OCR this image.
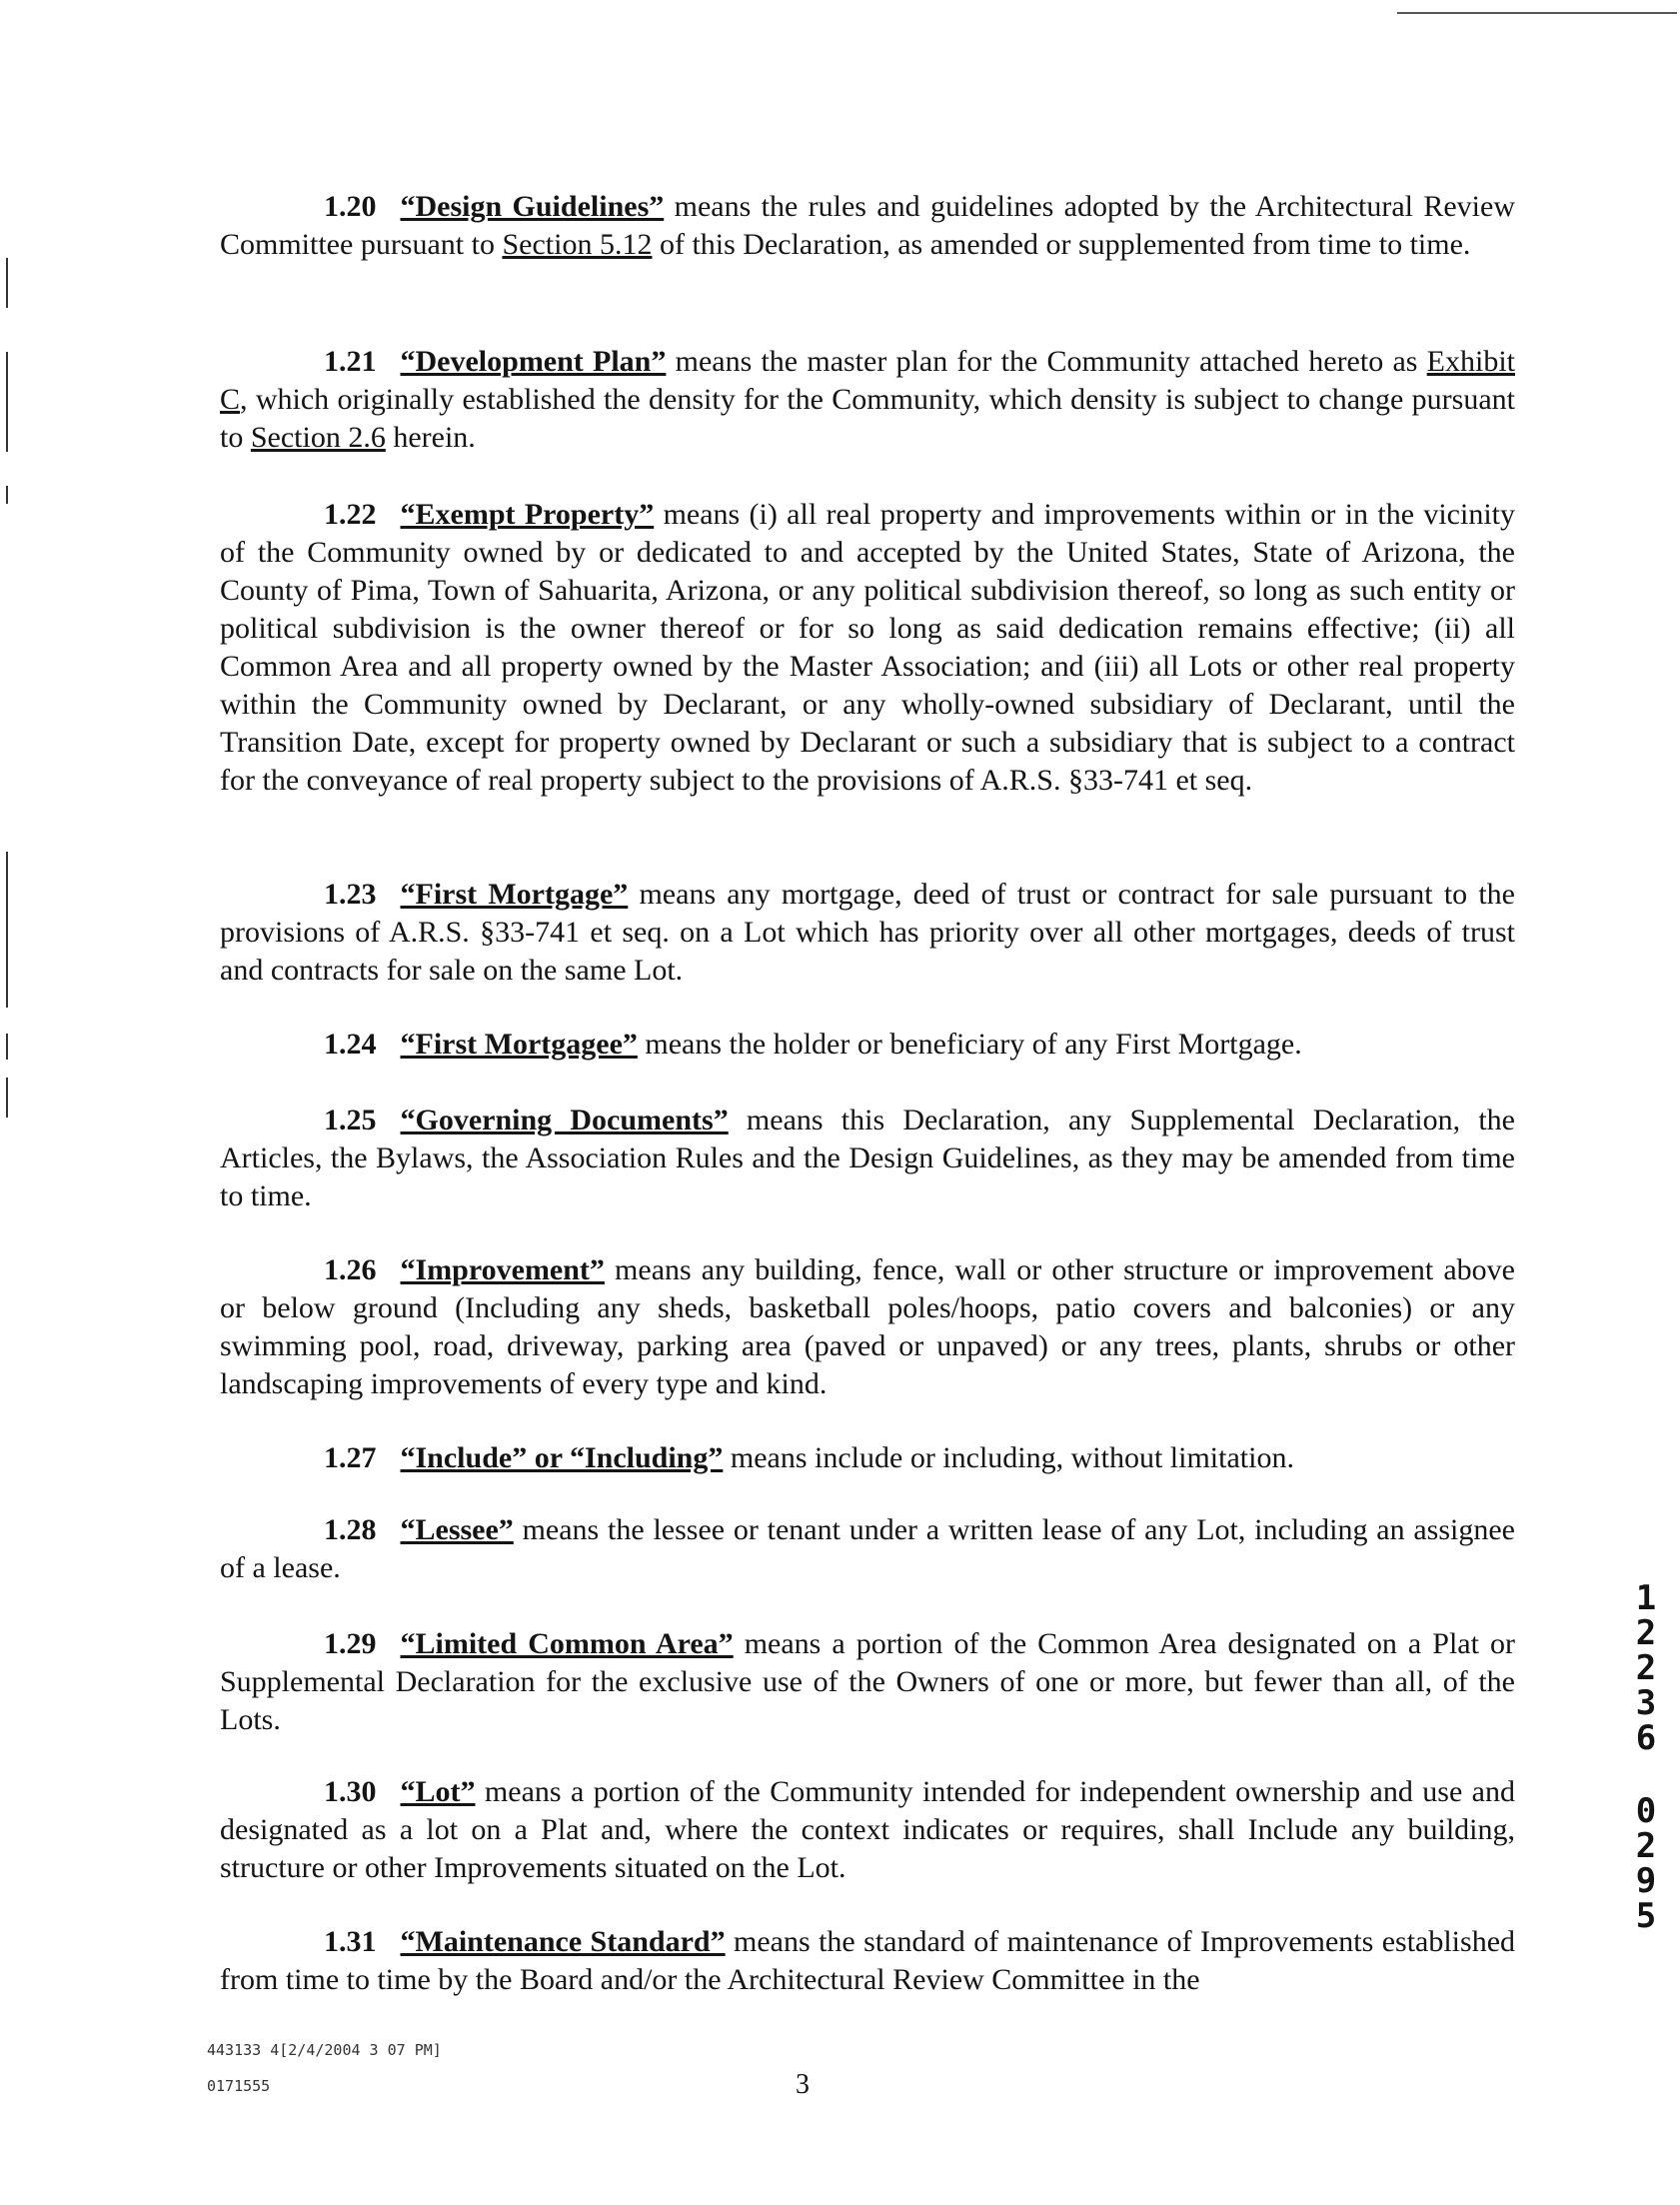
1.20 “Design Guidelines” means the rules and guidelines adopted by the Architectural Review Committee pursuant to Section 5.12 of this Declaration, as amended or supplemented from time to time.

1.21 “Development Plan” means the master plan for the Community attached hereto as Exhibit C, which originally established the density for the Community, which density is subject to change pursuant to Section 2.6 herein.

1.22 “Exempt Property” means (i) all real property and improvements within or in the vicinity of the Community owned by or dedicated to and accepted by the United States, State of Arizona, the County of Pima, Town of Sahuarita, Arizona, or any political subdivision thereof, so long as such entity or political subdivision is the owner thereof or for so long as said dedication remains effective; (ii) all Common Area and all property owned by the Master Association; and (iii) all Lots or other real property within the Community owned by Declarant, or any wholly-owned subsidiary of Declarant, until the Transition Date, except for property owned by Declarant or such a subsidiary that is subject to a contract for the conveyance of real property subject to the provisions of A.R.S. §33-741 et seq.

1.23 “First Mortgage” means any mortgage, deed of trust or contract for sale pursuant to the provisions of A.R.S. §33-741 et seq. on a Lot which has priority over all other mortgages, deeds of trust and contracts for sale on the same Lot.

1.24 “First Mortgagee” means the holder or beneficiary of any First Mortgage.

1.25 “Governing Documents” means this Declaration, any Supplemental Declaration, the Articles, the Bylaws, the Association Rules and the Design Guidelines, as they may be amended from time to time.

1.26 “Improvement” means any building, fence, wall or other structure or improvement above or below ground (Including any sheds, basketball poles/hoops, patio covers and balconies) or any swimming pool, road, driveway, parking area (paved or unpaved) or any trees, plants, shrubs or other landscaping improvements of every type and kind.

1.27 “Include” or “Including” means include or including, without limitation.

1.28 “Lessee” means the lessee or tenant under a written lease of any Lot, including an assignee of a lease.

1.29 “Limited Common Area” means a portion of the Common Area designated on a Plat or Supplemental Declaration for the exclusive use of the Owners of one or more, but fewer than all, of the Lots.

1.30 “Lot” means a portion of the Community intended for independent ownership and use and designated as a lot on a Plat and, where the context indicates or requires, shall Include any building, structure or other Improvements situated on the Lot.

1.31 “Maintenance Standard” means the standard of maintenance of Improvements established from time to time by the Board and/or the Architectural Review Committee in the

443133 4[2/4/2004 3 07 PM]
0171555	3
1
2
2
3
6
0
2
9
5
